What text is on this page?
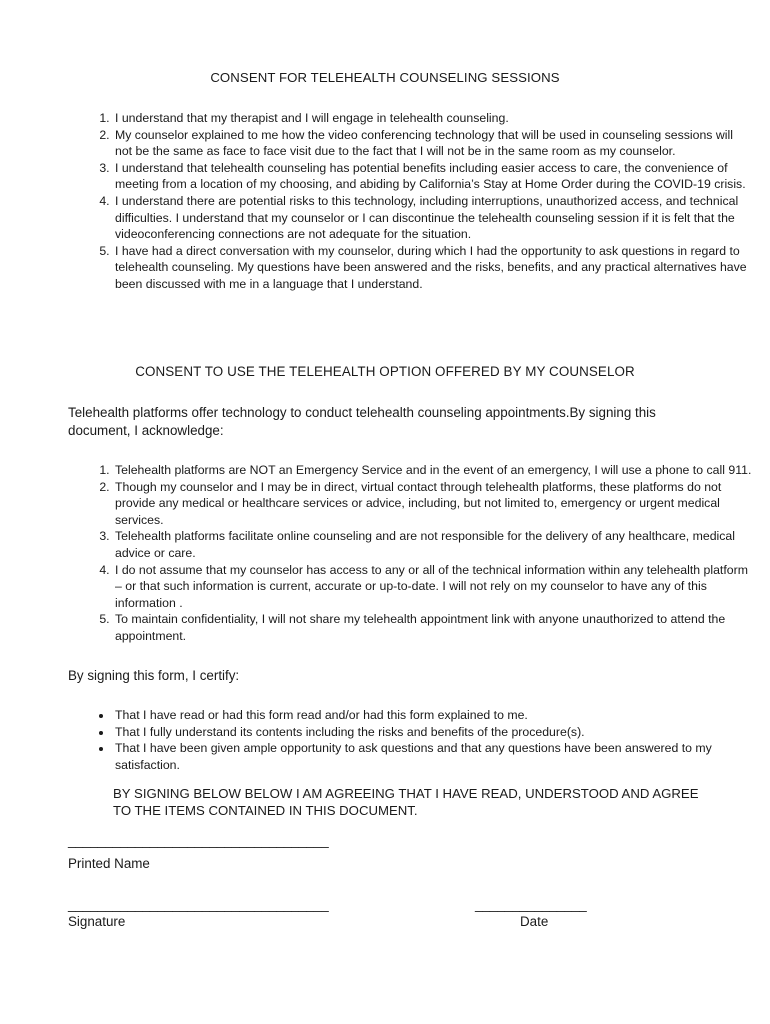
CONSENT FOR TELEHEALTH COUNSELING SESSIONS
1. I understand that my therapist and I will engage in telehealth counseling.
2. My counselor explained to me how the video conferencing technology that will be used in counseling sessions will not be the same as face to face visit due to the fact that I will not be in the same room as my counselor.
3. I understand that telehealth counseling has potential benefits including easier access to care, the convenience of meeting from a location of my choosing, and abiding by California’s Stay at Home Order during the COVID-19 crisis.
4. I understand there are potential risks to this technology, including interruptions, unauthorized access, and technical difficulties. I understand that my counselor or I can discontinue the telehealth counseling session if it is felt that the videoconferencing connections are not adequate for the situation.
5. I have had a direct conversation with my counselor, during which I had the opportunity to ask questions in regard to telehealth counseling. My questions have been answered and the risks, benefits, and any practical alternatives have been discussed with me in a language that I understand.
CONSENT TO USE THE TELEHEALTH OPTION OFFERED BY MY COUNSELOR

Telehealth platforms offer technology to conduct telehealth counseling appointments.By signing this document, I acknowledge:

1. Telehealth platforms are NOT an Emergency Service and in the event of an emergency, I will use a phone to call 911.
2. Though my counselor and I may be in direct, virtual contact through telehealth platforms, these platforms do not provide any medical or healthcare services or advice, including, but not limited to, emergency or urgent medical services.
3. Telehealth platforms facilitate online counseling and are not responsible for the delivery of any healthcare, medical advice or care.
4. I do not assume that my counselor has access to any or all of the technical information within any telehealth platform – or that such information is current, accurate or up-to-date. I will not rely on my counselor to have any of this information .
5. To maintain confidentiality, I will not share my telehealth appointment link with anyone unauthorized to attend the appointment.

By signing this form, I certify:

• That I have read or had this form read and/or had this form explained to me.
• That I fully understand its contents including the risks and benefits of the procedure(s).
• That I have been given ample opportunity to ask questions and that any questions have been answered to my satisfaction.

BY SIGNING BELOW BELOW I AM AGREEING THAT I HAVE READ, UNDERSTOOD AND AGREE TO THE ITEMS CONTAINED IN THIS DOCUMENT.

___________________________________
Printed Name
___________________________________
Signature
_______________
Date
